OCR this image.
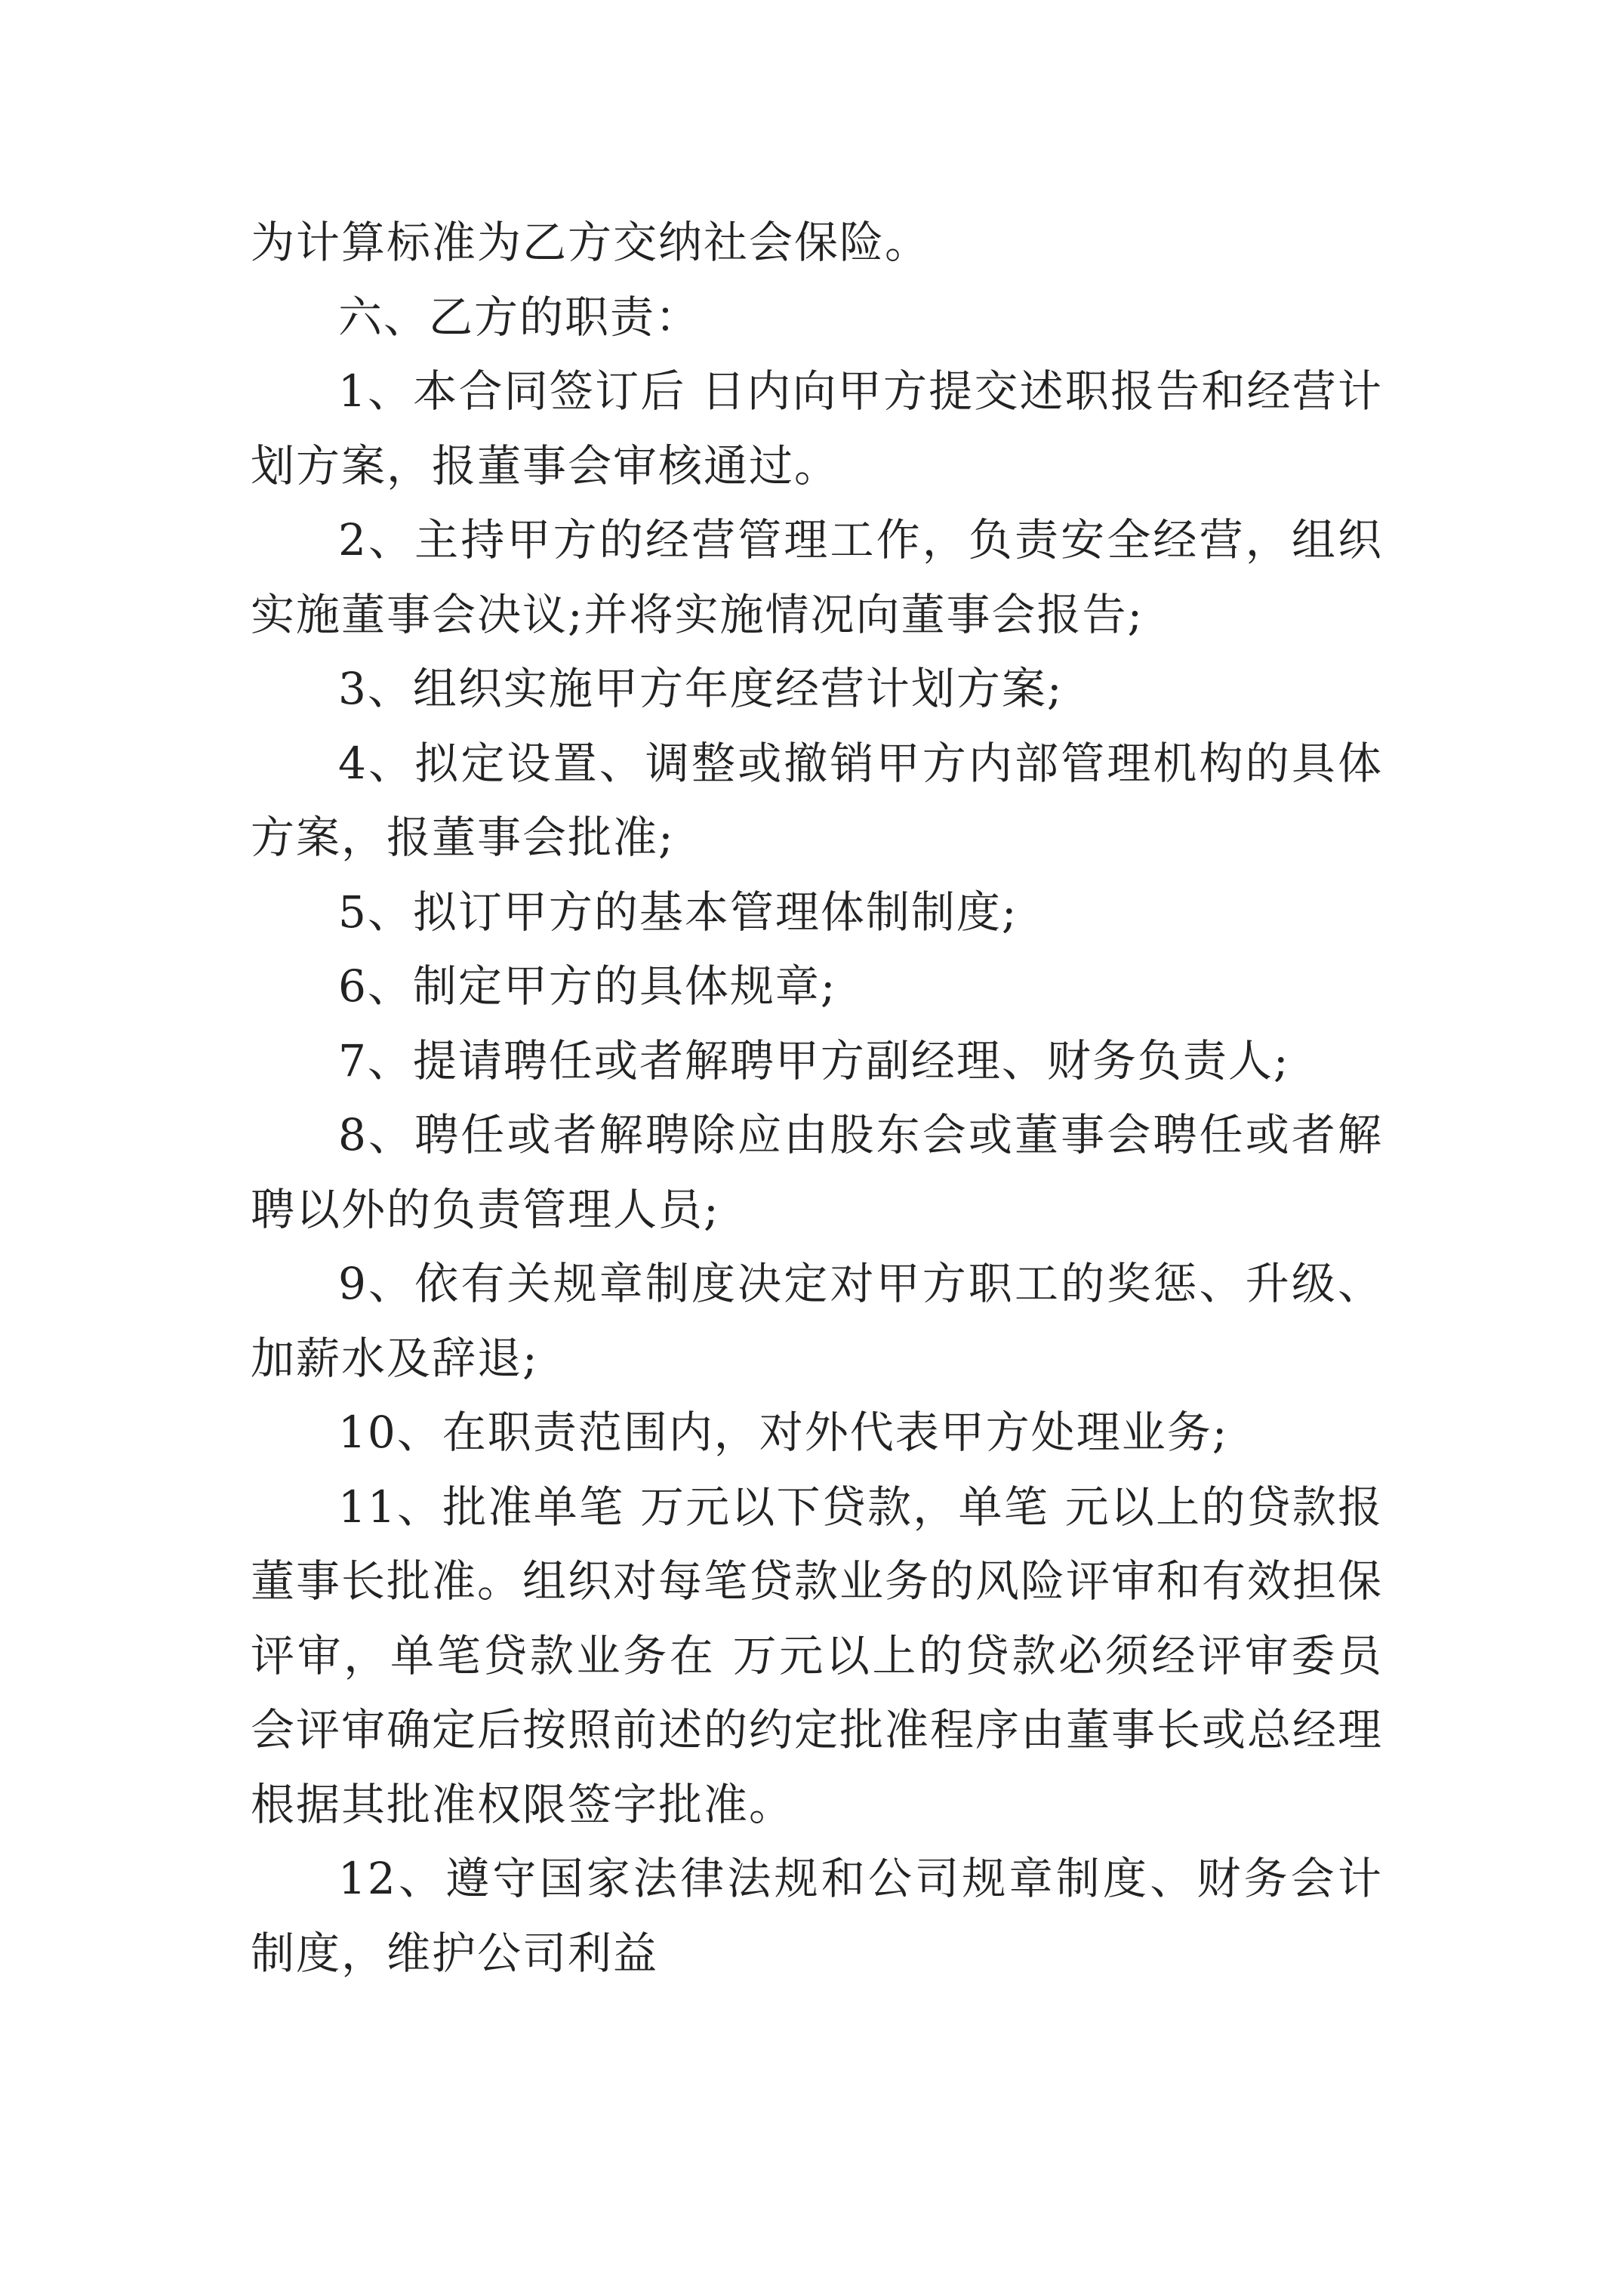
为计算标准为乙方交纳社会保险。

六、乙方的职责：

1、本合同签订后 日内向甲方提交述职报告和经营计划方案，报董事会审核通过。

2、主持甲方的经营管理工作，负责安全经营，组织实施董事会决议;并将实施情况向董事会报告;

3、组织实施甲方年度经营计划方案;

4、拟定设置、调整或撤销甲方内部管理机构的具体方案，报董事会批准;

5、拟订甲方的基本管理体制制度;

6、制定甲方的具体规章;

7、提请聘任或者解聘甲方副经理、财务负责人;

8、聘任或者解聘除应由股东会或董事会聘任或者解聘以外的负责管理人员;

9、依有关规章制度决定对甲方职工的奖惩、升级、加薪水及辞退;

10、在职责范围内，对外代表甲方处理业务;

11、批准单笔 万元以下贷款，单笔 元以上的贷款报董事长批准。组织对每笔贷款业务的风险评审和有效担保评审，单笔贷款业务在 万元以上的贷款必须经评审委员会评审确定后按照前述的约定批准程序由董事长或总经理根据其批准权限签字批准。

12、遵守国家法律法规和公司规章制度、财务会计制度，维护公司利益
